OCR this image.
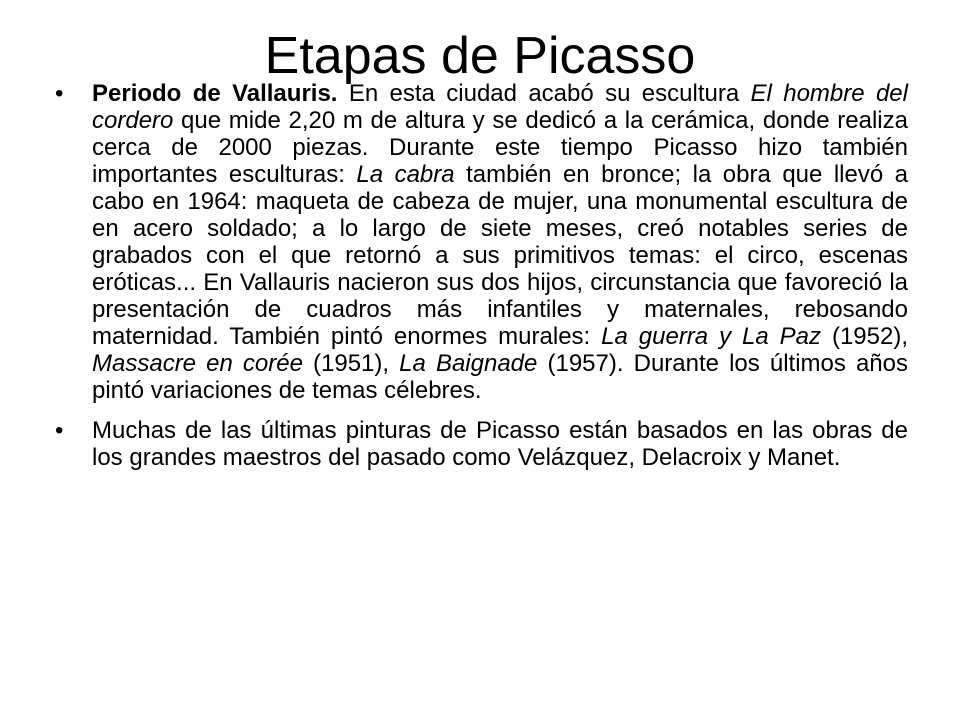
Etapas de Picasso
•	Periodo de Vallauris. En esta ciudad acabó su escultura El hombre del cordero que mide 2,20 m de altura y se dedicó a la cerámica, donde realiza cerca de 2000 piezas. Durante este tiempo Picasso hizo también importantes esculturas: La cabra también en bronce; la obra que llevó a cabo en 1964: maqueta de cabeza de mujer, una monumental escultura de en acero soldado; a lo largo de siete meses, creó notables series de grabados con el que retornó a sus primitivos temas: el circo, escenas eróticas... En Vallauris nacieron sus dos hijos, circunstancia que favoreció la presentación de cuadros más infantiles y maternales, rebosando maternidad. También pintó enormes murales: La guerra y La Paz (1952), Massacre en corée (1951), La Baignade (1957). Durante los últimos años pintó variaciones de temas célebres.
•	Muchas de las últimas pinturas de Picasso están basados en las obras de los grandes maestros del pasado como Velázquez, Delacroix y Manet.
